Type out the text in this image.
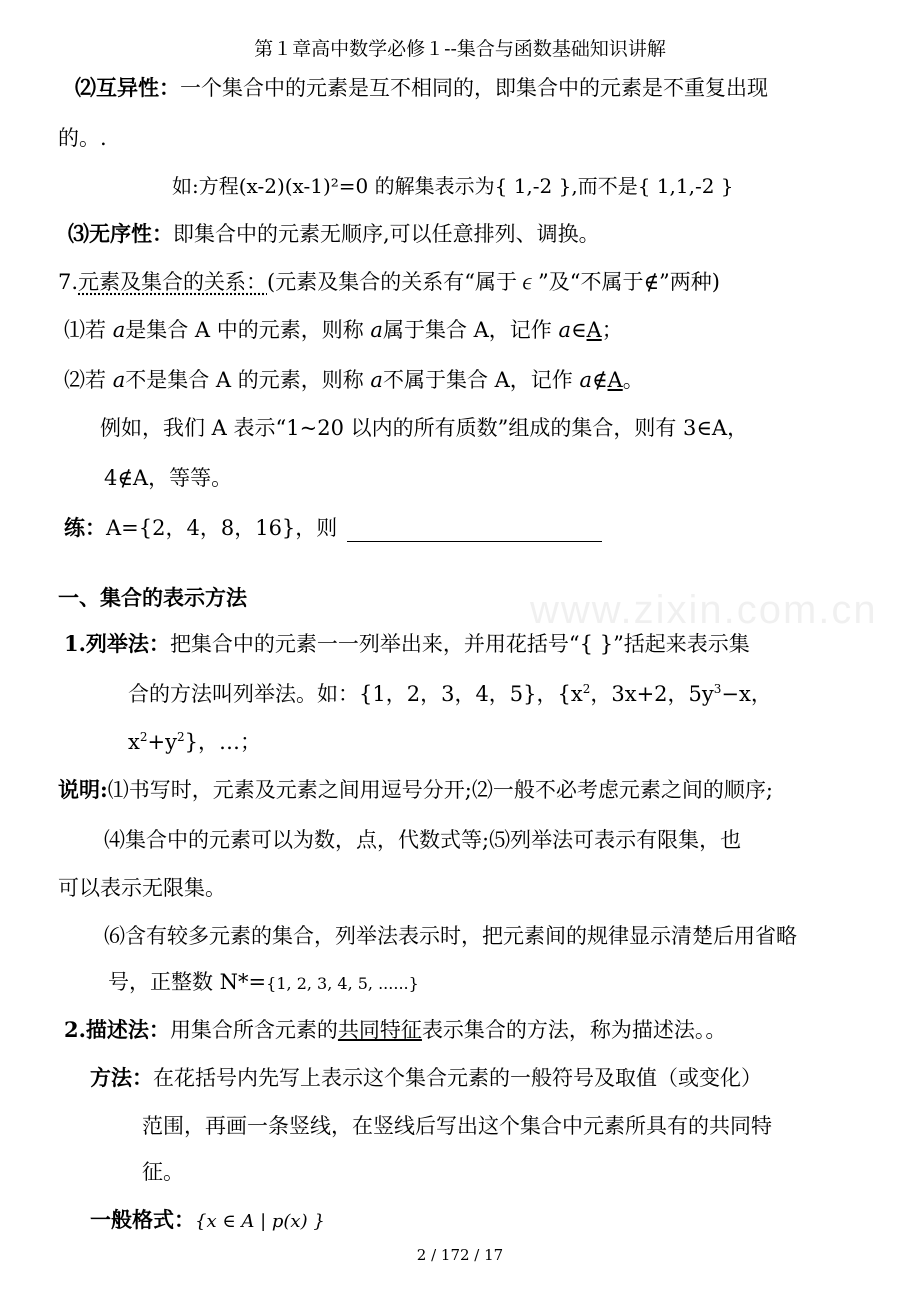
第１章高中数学必修１--集合与函数基础知识讲解
www.zixin.com.cn
⑵互异性：一个集合中的元素是互不相同的，即集合中的元素是不重复出现
的。.
如:方程(x-2)(x-1)²=0 的解集表示为{ 1,-2 },而不是{ 1,1,-2 }
⑶无序性：即集合中的元素无顺序,可以任意排列、调换。
7.元素及集合的关系：(元素及集合的关系有“属于∊”及“不属于∉”两种)
⑴若 a是集合 A 中的元素，则称 a属于集合 A，记作 a∈A；
⑵若 a不是集合 A 的元素，则称 a不属于集合 A，记作 a∉A。
例如，我们 A 表示“1~20 以内的所有质数”组成的集合，则有 3∈A，
4∉A，等等。
练：A={2，4，8，16}，则
一、集合的表示方法
1.列举法：把集合中的元素一一列举出来，并用花括号“{ }”括起来表示集
合的方法叫列举法。如：{1，2，3，4，5}，{$x^2$，3x+2，$5y^3-x$，
$x^2+y^2$}，…；
说明:⑴书写时，元素及元素之间用逗号分开;⑵一般不必考虑元素之间的顺序;
⑷集合中的元素可以为数，点，代数式等;⑸列举法可表示有限集，也
可以表示无限集。
⑹含有较多元素的集合，列举法表示时，把元素间的规律显示清楚后用省略
号，正整数 N*={1, 2, 3, 4, 5, ......}
2.描述法：用集合所含元素的共同特征表示集合的方法，称为描述法。。
方法：在花括号内先写上表示这个集合元素的一般符号及取值（或变化）
范围，再画一条竖线，在竖线后写出这个集合中元素所具有的共同特
征。
一般格式：{x ∈ A | p(x) }
2 / 172 / 17
